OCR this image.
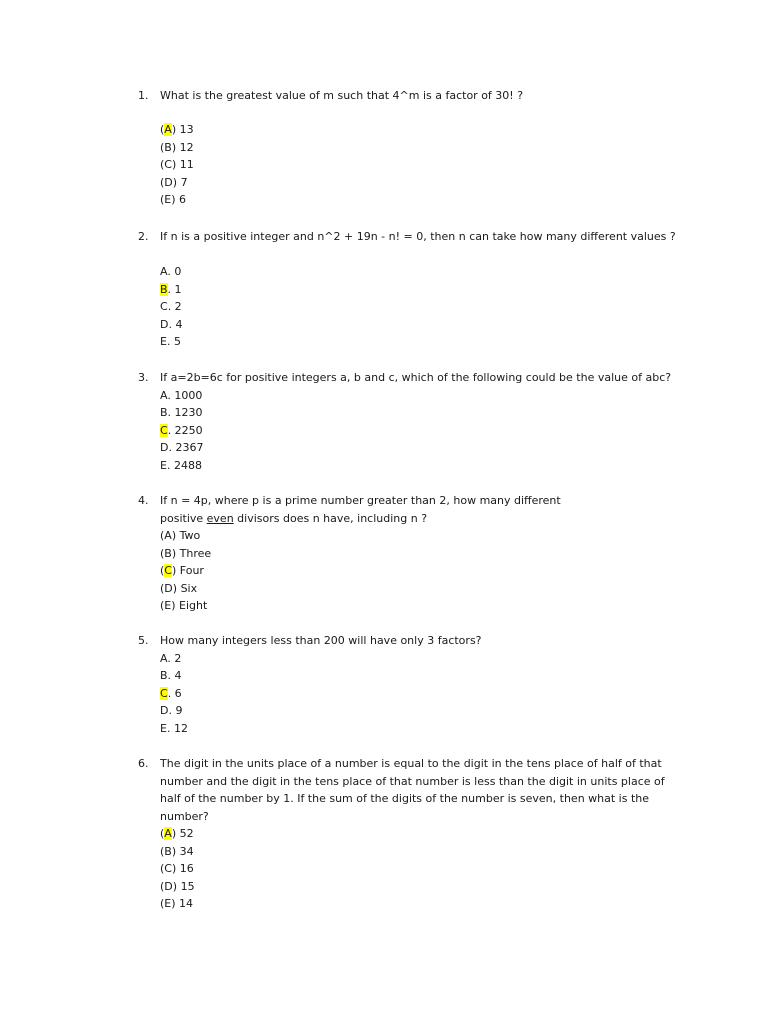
1. What is the greatest value of m such that 4^m is a factor of 30! ?
(A) 13
(B) 12
(C) 11
(D) 7
(E) 6
2. If n is a positive integer and n^2 + 19n - n! = 0, then n can take how many different values ?
A. 0
B. 1
C. 2
D. 4
E. 5
3. If a=2b=6c for positive integers a, b and c, which of the following could be the value of abc?
A. 1000
B. 1230
C. 2250
D. 2367
E. 2488
4. If n = 4p, where p is a prime number greater than 2, how many different
positive even divisors does n have, including n ?
(A) Two
(B) Three
(C) Four
(D) Six
(E) Eight
5. How many integers less than 200 will have only 3 factors?
A. 2
B. 4
C. 6
D. 9
E. 12
6. The digit in the units place of a number is equal to the digit in the tens place of half of that
number and the digit in the tens place of that number is less than the digit in units place of
half of the number by 1. If the sum of the digits of the number is seven, then what is the
number?
(A) 52
(B) 34
(C) 16
(D) 15
(E) 14
